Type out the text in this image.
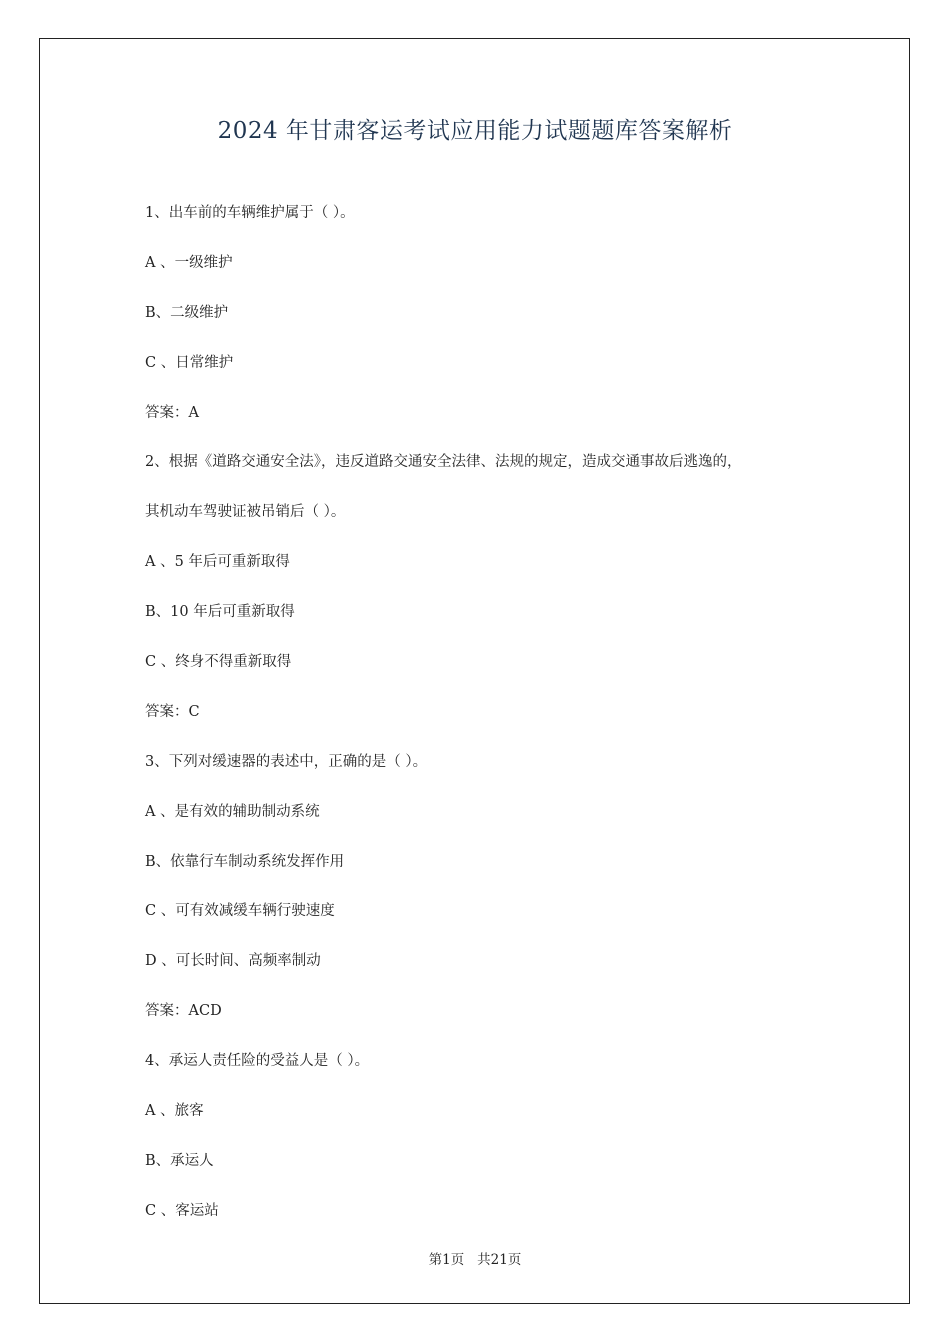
2024 年甘肃客运考试应用能力试题题库答案解析
1、出车前的车辆维护属于（ ）。
A 、一级维护
B、二级维护
C 、日常维护
答案：A
2、根据《道路交通安全法》，违反道路交通安全法律、法规的规定，造成交通事故后逃逸的，
其机动车驾驶证被吊销后（ ）。
A 、5 年后可重新取得
B、10 年后可重新取得
C 、终身不得重新取得
答案：C
3、下列对缓速器的表述中，正确的是（ ）。
A 、是有效的辅助制动系统
B、依靠行车制动系统发挥作用
C 、可有效减缓车辆行驶速度
D 、可长时间、高频率制动
答案：ACD
4、承运人责任险的受益人是（ ）。
A 、旅客
B、承运人
C 、客运站
第1页   共21页
